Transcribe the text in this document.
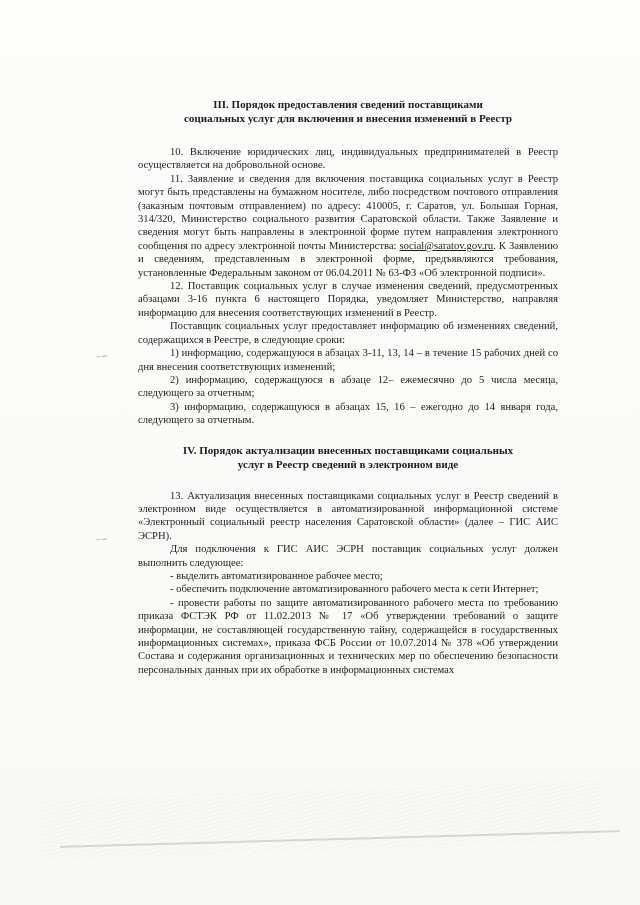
–∽
–∽
III. Порядок предоставления сведений поставщиками
социальных услуг для включения и внесения изменений в Реестр

10. Включение юридических лиц, индивидуальных предпринимателей в Реестр осуществляется на добровольной основе.

11. Заявление и сведения для включения поставщика социальных услуг в Реестр могут быть представлены на бумажном носителе, либо посредством почтового отправления (заказным почтовым отправлением) по адресу: 410005, г. Саратов, ул. Большая Горная, 314/320, Министерство социального развития Саратовской области. Также Заявление и сведения могут быть направлены в электронной форме путем направления электронного сообщения по адресу электронной почты Министерства: social@saratov.gov.ru. К Заявлению и сведениям, представленным в электронной форме, предъявляются требования, установленные Федеральным законом от 06.04.2011 № 63-ФЗ «Об электронной подписи».

12. Поставщик социальных услуг в случае изменения сведений, предусмотренных абзацами 3-16 пункта 6 настоящего Порядка, уведомляет Министерство, направляя информацию для внесения соответствующих изменений в Реестр.

Поставщик социальных услуг предоставляет информацию об изменениях сведений, содержащихся в Реестре, в следующие сроки:

1) информацию, содержащуюся в абзацах 3-11, 13, 14 – в течение 15 рабочих дней со дня внесения соответствующих изменений;

2) информацию, содержащуюся в абзаце 12– ежемесячно до 5 числа месяца, следующего за отчетным;

3) информацию, содержащуюся в абзацах 15, 16 – ежегодно до 14 января года, следующего за отчетным.

IV. Порядок актуализации внесенных поставщиками социальных
услуг в Реестр сведений в электронном виде

13. Актуализация внесенных поставщиками социальных услуг в Реестр сведений в электронном виде осуществляется в автоматизированной информационной системе «Электронный социальный реестр населения Саратовской области» (далее – ГИС АИС ЭСРН).

Для подключения к ГИС АИС ЭСРН поставщик социальных услуг должен выполнить следующее:

- выделить автоматизированное рабочее место;

- обеспечить подключение автоматизированного рабочего места к сети Интернет;

- провести работы по защите автоматизированного рабочего места по требованию приказа ФСТЭК РФ от 11.02.2013 № 17 «Об утверждении требований о защите информации, не составляющей государственную тайну, содержащейся в государственных информационных системах», приказа ФСБ России от 10.07.2014 № 378 «Об утверждении Состава и содержания организационных и технических мер по обеспечению безопасности персональных данных при их обработке в информационных системах
